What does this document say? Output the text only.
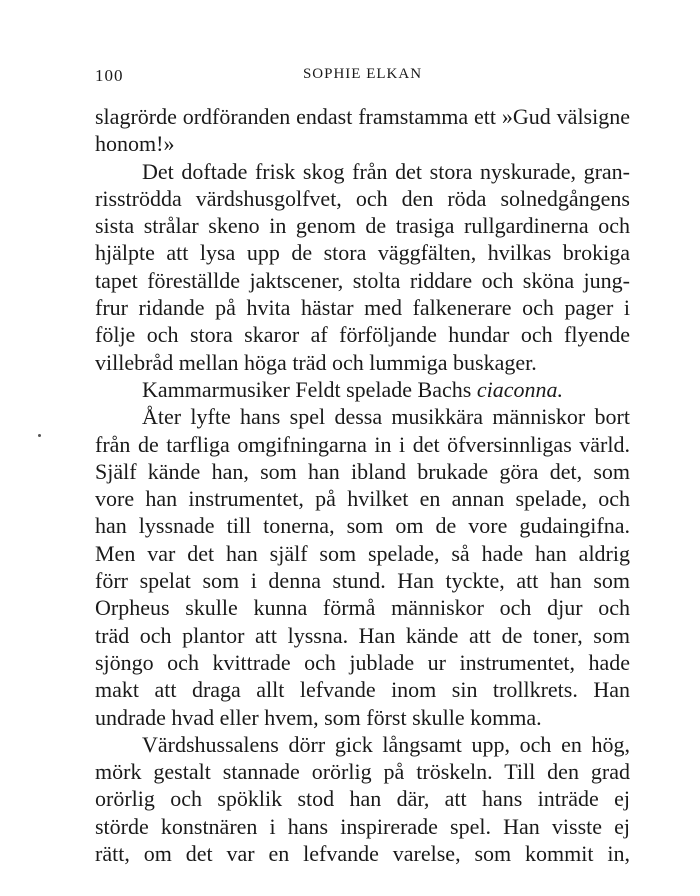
100	SOPHIE ELKAN
slagrörde ordföranden endast framstamma ett »Gud välsigne
honom!»
Det doftade frisk skog från det stora nyskurade, gran-
risströdda värdshusgolfvet, och den röda solnedgångens
sista strålar skeno in genom de trasiga rullgardinerna och
hjälpte att lysa upp de stora väggfälten, hvilkas brokiga
tapet föreställde jaktscener, stolta riddare och sköna jung-
frur ridande på hvita hästar med falkenerare och pager i
följe och stora skaror af förföljande hundar och flyende
villebråd mellan höga träd och lummiga buskager.
Kammarmusiker Feldt spelade Bachs ciaconna.
Åter lyfte hans spel dessa musikkära människor bort
från de tarfliga omgifningarna in i det öfversinnligas värld.
Själf kände han, som han ibland brukade göra det, som
vore han instrumentet, på hvilket en annan spelade, och
han lyssnade till tonerna, som om de vore gudaingifna.
Men var det han själf som spelade, så hade han aldrig
förr spelat som i denna stund. Han tyckte, att han som
Orpheus skulle kunna förmå människor och djur och
träd och plantor att lyssna. Han kände att de toner, som
sjöngo och kvittrade och jublade ur instrumentet, hade
makt att draga allt lefvande inom sin trollkrets. Han
undrade hvad eller hvem, som först skulle komma.
Värdshussalens dörr gick långsamt upp, och en hög,
mörk gestalt stannade orörlig på tröskeln. Till den grad
orörlig och spöklik stod han där, att hans inträde ej
störde konstnären i hans inspirerade spel. Han visste ej
rätt, om det var en lefvande varelse, som kommit in,
